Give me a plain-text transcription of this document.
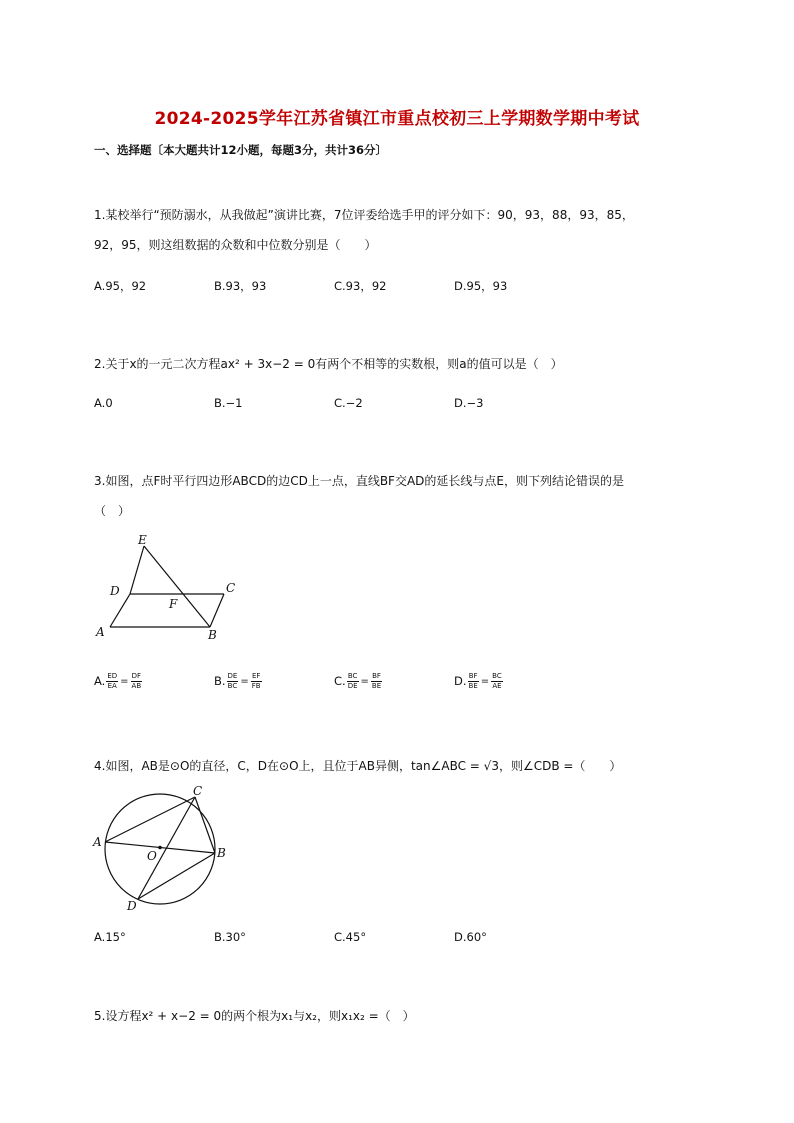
2024-2025学年江苏省镇江市重点校初三上学期数学期中考试
一、选择题〔本大题共计12小题，每题3分，共计36分〕
1.某校举行“预防溺水，从我做起”演讲比赛，7位评委给选手甲的评分如下：90，93，88，93，85，
92，95，则这组数据的众数和中位数分别是（　　）
A.95，92	B.93，93	C.93，92	D.95，93
2.关于x的一元二次方程ax² + 3x−2 = 0有两个不相等的实数根，则a的值可以是（　）
A.0	B.−1	C.−2	D.−3
3.如图，点F时平行四边形ABCD的边CD上一点，直线BF交AD的延长线与点E，则下列结论错误的是
（　）
E
D	C
F
A	B
A. $\frac{ED}{EA} = \frac{DF}{AB}$	B. $\frac{DE}{BC} = \frac{EF}{FB}$	C. $\frac{BC}{DE} = \frac{BF}{BE}$	D. $\frac{BF}{BE} = \frac{BC}{AE}$
4.如图，AB是⊙O的直径，C，D在⊙O上，且位于AB异侧，tan∠ABC = √3，则∠CDB =（　　）
C
A
O	B
D
A.15°	B.30°	C.45°	D.60°
5.设方程x² + x−2 = 0的两个根为x₁与x₂，则x₁x₂ =（　）
